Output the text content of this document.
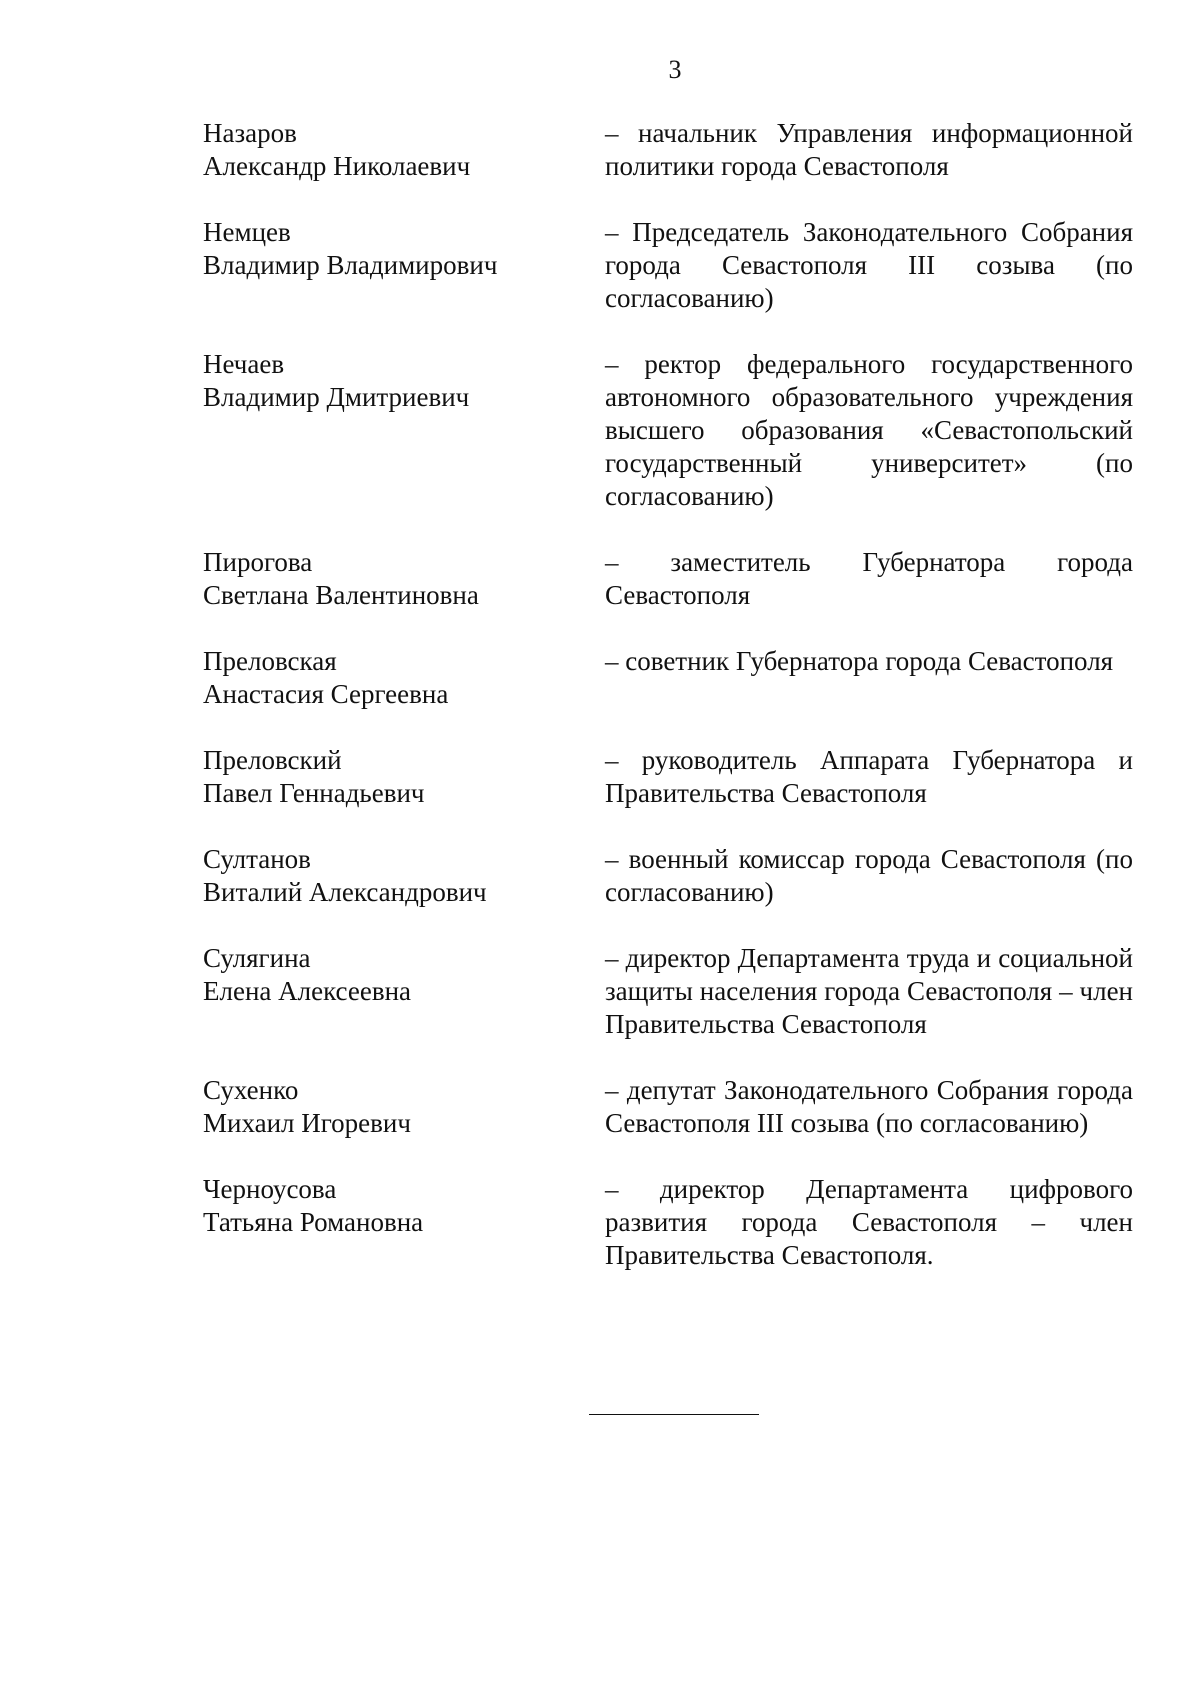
3
Назаров
Александр Николаевич
– начальник Управления информационной политики города Севастополя
Немцев
Владимир Владимирович
– Председатель Законодательного Собрания города Севастополя III созыва (по согласованию)
Нечаев
Владимир Дмитриевич
– ректор федерального государственного автономного образовательного учреждения высшего образования «Севастопольский государственный университет» (по согласованию)
Пирогова
Светлана Валентиновна
– заместитель Губернатора города Севастополя
Преловская
Анастасия Сергеевна
– советник Губернатора города Севастополя
Преловский
Павел Геннадьевич
– руководитель Аппарата Губернатора и Правительства Севастополя
Султанов
Виталий Александрович
– военный комиссар города Севастополя (по согласованию)
Сулягина
Елена Алексеевна
– директор Департамента труда и социальной защиты населения города Севастополя – член Правительства Севастополя
Сухенко
Михаил Игоревич
– депутат Законодательного Собрания города Севастополя III созыва (по согласованию)
Черноусова
Татьяна Романовна
– директор Департамента цифрового развития города Севастополя – член Правительства Севастополя.
